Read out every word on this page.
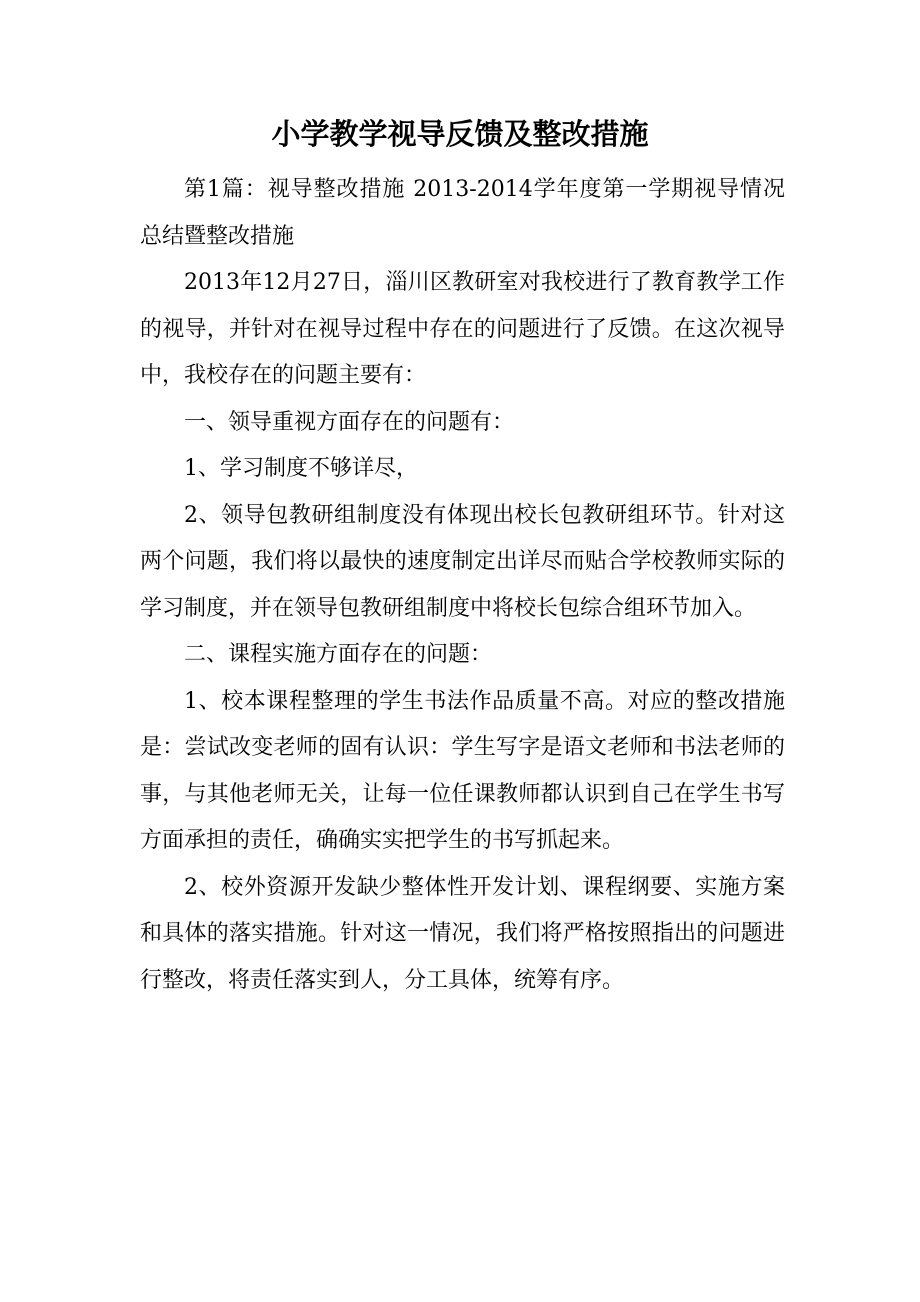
小学教学视导反馈及整改措施

第1篇：视导整改措施 2013-2014学年度第一学期视导情况总结暨整改措施

2013年12月27日，淄川区教研室对我校进行了教育教学工作的视导，并针对在视导过程中存在的问题进行了反馈。在这次视导中，我校存在的问题主要有：

一、领导重视方面存在的问题有：

1、学习制度不够详尽，

2、领导包教研组制度没有体现出校长包教研组环节。针对这两个问题，我们将以最快的速度制定出详尽而贴合学校教师实际的学习制度，并在领导包教研组制度中将校长包综合组环节加入。

二、课程实施方面存在的问题：

1、校本课程整理的学生书法作品质量不高。对应的整改措施是：尝试改变老师的固有认识：学生写字是语文老师和书法老师的事，与其他老师无关，让每一位任课教师都认识到自己在学生书写方面承担的责任，确确实实把学生的书写抓起来。

2、校外资源开发缺少整体性开发计划、课程纲要、实施方案和具体的落实措施。针对这一情况，我们将严格按照指出的问题进行整改，将责任落实到人，分工具体，统筹有序。
